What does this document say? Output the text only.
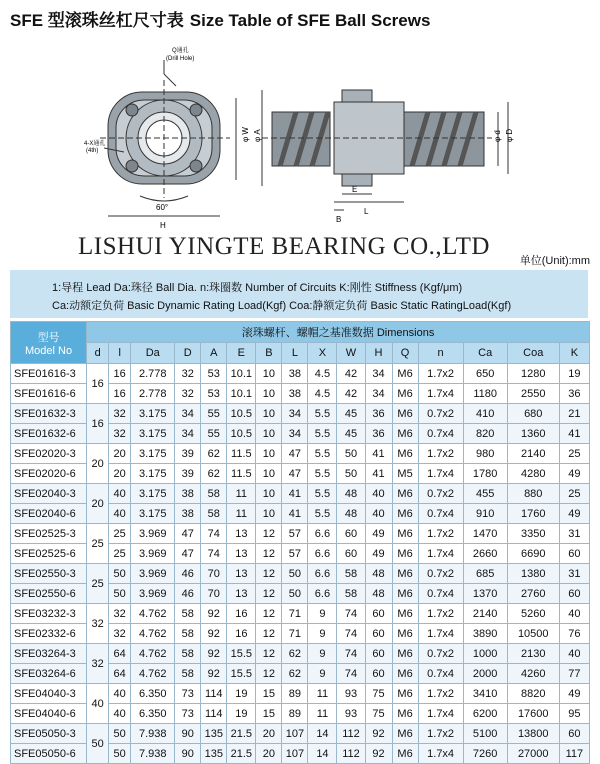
SFE 型滚珠丝杠尺寸表 Size Table of SFE Ball Screws
Q通孔
(Drill Hole)
4-X通孔
(4th)
60°
H
φ W φ A	φ d φ D
L
E
B
LISHUI YINGTE BEARING CO.,LTD
单位(Unit):mm
1:导程 Lead Da:珠径 Ball Dia. n:珠圈数 Number of Circuits K:刚性 Stiffness (Kgf/μm)
Ca:动额定负荷 Basic Dynamic Rating Load(Kgf) Coa:静额定负荷 Basic Static RatingLoad(Kgf)
型号
Model No	滚珠螺杆、螺帽之基准数据 Dimensions															
	d	l	Da	D	A	E	B	L	X	W	H	Q	n	Ca	Coa	K
SFE01616-3	16	16	2.778	32	53	10.1	10	38	4.5	42	34	M6	1.7x2	650	1280	19
SFE01616-6		16	2.778	32	53	10.1	10	38	4.5	42	34	M6	1.7x4	1180	2550	36
SFE01632-3	16	32	3.175	34	55	10.5	10	34	5.5	45	36	M6	0.7x2	410	680	21
SFE01632-6		32	3.175	34	55	10.5	10	34	5.5	45	36	M6	0.7x4	820	1360	41
SFE02020-3	20	20	3.175	39	62	11.5	10	47	5.5	50	41	M6	1.7x2	980	2140	25
SFE02020-6		20	3.175	39	62	11.5	10	47	5.5	50	41	M5	1.7x4	1780	4280	49
SFE02040-3	20	40	3.175	38	58	11	10	41	5.5	48	40	M6	0.7x2	455	880	25
SFE02040-6		40	3.175	38	58	11	10	41	5.5	48	40	M6	0.7x4	910	1760	49
SFE02525-3	25	25	3.969	47	74	13	12	57	6.6	60	49	M6	1.7x2	1470	3350	31
SFE02525-6		25	3.969	47	74	13	12	57	6.6	60	49	M6	1.7x4	2660	6690	60
SFE02550-3	25	50	3.969	46	70	13	12	50	6.6	58	48	M6	0.7x2	685	1380	31
SFE02550-6		50	3.969	46	70	13	12	50	6.6	58	48	M6	0.7x4	1370	2760	60
SFE03232-3	32	32	4.762	58	92	16	12	71	9	74	60	M6	1.7x2	2140	5260	40
SFE02332-6		32	4.762	58	92	16	12	71	9	74	60	M6	1.7x4	3890	10500	76
SFE03264-3	32	64	4.762	58	92	15.5	12	62	9	74	60	M6	0.7x2	1000	2130	40
SFE03264-6		64	4.762	58	92	15.5	12	62	9	74	60	M6	0.7x4	2000	4260	77
SFE04040-3	40	40	6.350	73	114	19	15	89	11	93	75	M6	1.7x2	3410	8820	49
SFE04040-6		40	6.350	73	114	19	15	89	11	93	75	M6	1.7x4	6200	17600	95
SFE05050-3	50	50	7.938	90	135	21.5	20	107	14	112	92	M6	1.7x2	5100	13800	60
SFE05050-6		50	7.938	90	135	21.5	20	107	14	112	92	M6	1.7x4	7260	27000	117
